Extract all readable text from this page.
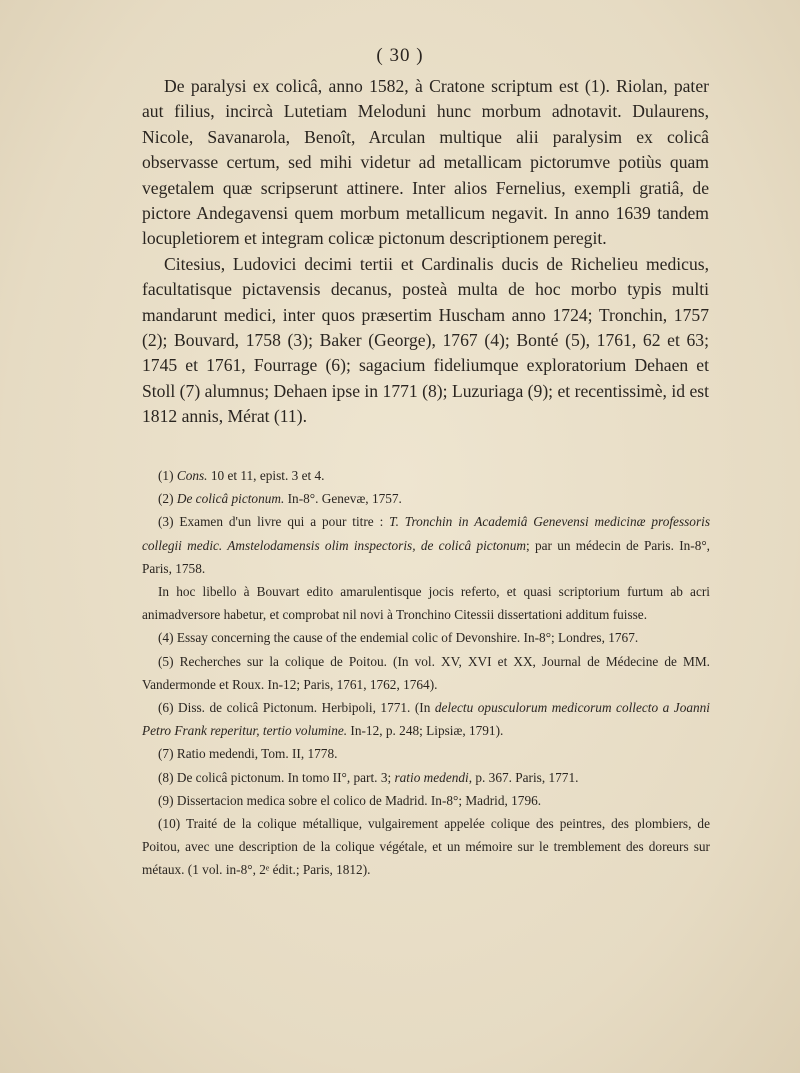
( 30 )

De paralysi ex colicâ, anno 1582, à Cratone scriptum est (1). Riolan, pater aut filius, incircà Lutetiam Meloduni hunc morbum adnotavit. Dulaurens, Nicole, Savanarola, Benoît, Arculan multique alii paralysim ex colicâ observasse certum, sed mihi videtur ad metallicam pictorumve potiùs quam vegetalem quæ scripserunt attinere. Inter alios Fernelius, exempli gratiâ, de pictore Andegavensi quem morbum metallicum negavit. In anno 1639 tandem locupletiorem et integram colicæ pictonum descriptionem peregit.

Citesius, Ludovici decimi tertii et Cardinalis ducis de Richelieu medicus, facultatisque pictavensis decanus, posteà multa de hoc morbo typis multi mandarunt medici, inter quos præsertim Huscham anno 1724; Tronchin, 1757 (2); Bouvard, 1758 (3); Baker (George), 1767 (4); Bonté (5), 1761, 62 et 63; 1745 et 1761, Fourrage (6); sagacium fideliumque exploratorium Dehaen et Stoll (7) alumnus; Dehaen ipse in 1771 (8); Luzuriaga (9); et recentissimè, id est 1812 annis, Mérat (11).

(1) Cons. 10 et 11, epist. 3 et 4.

(2) De colicâ pictonum. In-8°. Genevæ, 1757.

(3) Examen d'un livre qui a pour titre : T. Tronchin in Academiâ Genevensi medicinæ professoris collegii medic. Amstelodamensis olim inspectoris, de colicâ pictonum; par un médecin de Paris. In-8°, Paris, 1758.

In hoc libello à Bouvart edito amarulentisque jocis referto, et quasi scriptorium furtum ab acri animadversore habetur, et comprobat nil novi à Tronchino Citessii dissertationi additum fuisse.

(4) Essay concerning the cause of the endemial colic of Devonshire. In-8°; Londres, 1767.

(5) Recherches sur la colique de Poitou. (In vol. XV, XVI et XX, Journal de Médecine de MM. Vandermonde et Roux. In-12; Paris, 1761, 1762, 1764).

(6) Diss. de colicâ Pictonum. Herbipoli, 1771. (In delectu opusculorum medicorum collecto a Joanni Petro Frank reperitur, tertio volumine. In-12, p. 248; Lipsiæ, 1791).

(7) Ratio medendi, Tom. II, 1778.

(8) De colicâ pictonum. In tomo II°, part. 3; ratio medendi, p. 367. Paris, 1771.

(9) Dissertacion medica sobre el colico de Madrid. In-8°; Madrid, 1796.

(10) Traité de la colique métallique, vulgairement appelée colique des peintres, des plombiers, de Poitou, avec une description de la colique végétale, et un mémoire sur le tremblement des doreurs sur métaux. (1 vol. in-8°, 2ᵉ édit.; Paris, 1812).
